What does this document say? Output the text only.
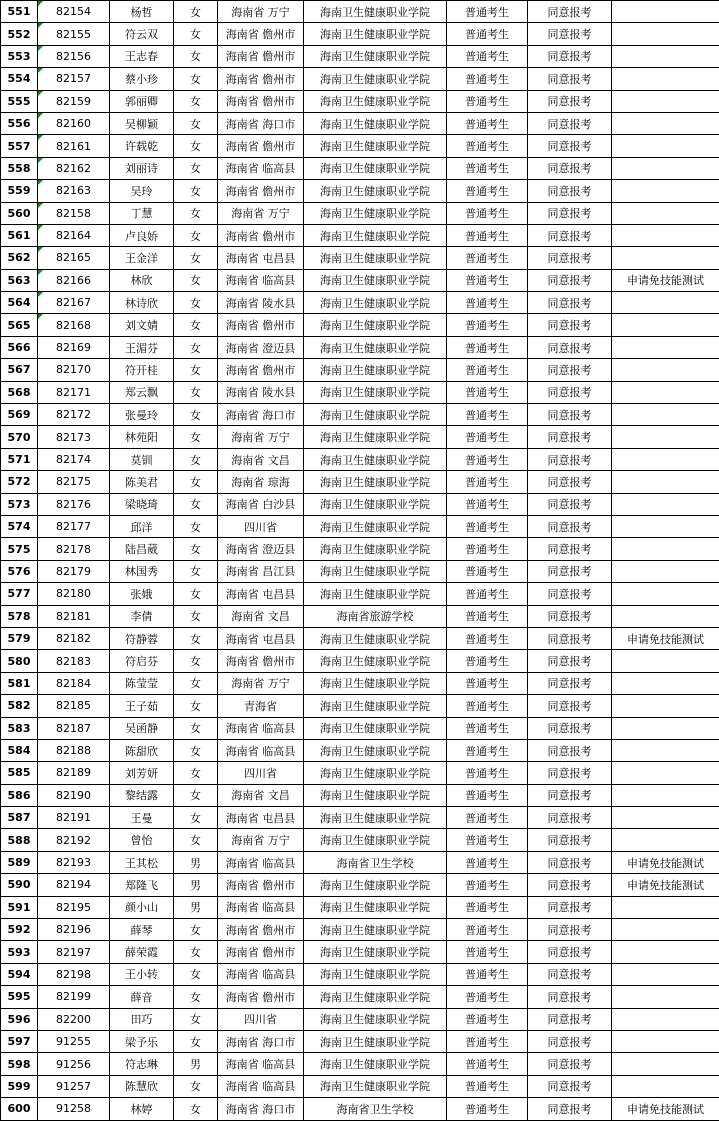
551	82154	杨哲	女	海南省 万宁	海南卫生健康职业学院	普通考生	同意报考	
552	82155	符云双	女	海南省 儋州市	海南卫生健康职业学院	普通考生	同意报考	
553	82156	王志春	女	海南省 儋州市	海南卫生健康职业学院	普通考生	同意报考	
554	82157	蔡小珍	女	海南省 儋州市	海南卫生健康职业学院	普通考生	同意报考	
555	82159	郭丽卿	女	海南省 儋州市	海南卫生健康职业学院	普通考生	同意报考	
556	82160	吴柳颖	女	海南省 海口市	海南卫生健康职业学院	普通考生	同意报考	
557	82161	许载乾	女	海南省 儋州市	海南卫生健康职业学院	普通考生	同意报考	
558	82162	刘丽诗	女	海南省 临高县	海南卫生健康职业学院	普通考生	同意报考	
559	82163	吴玲	女	海南省 儋州市	海南卫生健康职业学院	普通考生	同意报考	
560	82158	丁慧	女	海南省 万宁	海南卫生健康职业学院	普通考生	同意报考	
561	82164	卢良娇	女	海南省 儋州市	海南卫生健康职业学院	普通考生	同意报考	
562	82165	王金洋	女	海南省 屯昌县	海南卫生健康职业学院	普通考生	同意报考	
563	82166	林欣	女	海南省 临高县	海南卫生健康职业学院	普通考生	同意报考	申请免技能测试
564	82167	林诗欣	女	海南省 陵水县	海南卫生健康职业学院	普通考生	同意报考	
565	82168	刘文婧	女	海南省 儋州市	海南卫生健康职业学院	普通考生	同意报考	
566	82169	王湄芬	女	海南省 澄迈县	海南卫生健康职业学院	普通考生	同意报考	
567	82170	符开桂	女	海南省 儋州市	海南卫生健康职业学院	普通考生	同意报考	
568	82171	郑云飘	女	海南省 陵水县	海南卫生健康职业学院	普通考生	同意报考	
569	82172	张曼玲	女	海南省 海口市	海南卫生健康职业学院	普通考生	同意报考	
570	82173	林苑阳	女	海南省 万宁	海南卫生健康职业学院	普通考生	同意报考	
571	82174	莫钏	女	海南省 文昌	海南卫生健康职业学院	普通考生	同意报考	
572	82175	陈美君	女	海南省 琼海	海南卫生健康职业学院	普通考生	同意报考	
573	82176	梁晓琦	女	海南省 白沙县	海南卫生健康职业学院	普通考生	同意报考	
574	82177	邱洋	女	四川省	海南卫生健康职业学院	普通考生	同意报考	
575	82178	陆昌葳	女	海南省 澄迈县	海南卫生健康职业学院	普通考生	同意报考	
576	82179	林国秀	女	海南省 昌江县	海南卫生健康职业学院	普通考生	同意报考	
577	82180	张娥	女	海南省 屯昌县	海南卫生健康职业学院	普通考生	同意报考	
578	82181	李倩	女	海南省 文昌	海南省旅游学校	普通考生	同意报考	
579	82182	符静蓉	女	海南省 屯昌县	海南卫生健康职业学院	普通考生	同意报考	申请免技能测试
580	82183	符启芬	女	海南省 儋州市	海南卫生健康职业学院	普通考生	同意报考	
581	82184	陈莹莹	女	海南省 万宁	海南卫生健康职业学院	普通考生	同意报考	
582	82185	王子茹	女	青海省	海南卫生健康职业学院	普通考生	同意报考	
583	82187	吴函静	女	海南省 临高县	海南卫生健康职业学院	普通考生	同意报考	
584	82188	陈甜欣	女	海南省 临高县	海南卫生健康职业学院	普通考生	同意报考	
585	82189	刘芳妍	女	四川省	海南卫生健康职业学院	普通考生	同意报考	
586	82190	黎结露	女	海南省 文昌	海南卫生健康职业学院	普通考生	同意报考	
587	82191	王曼	女	海南省 屯昌县	海南卫生健康职业学院	普通考生	同意报考	
588	82192	曾怡	女	海南省 万宁	海南卫生健康职业学院	普通考生	同意报考	
589	82193	王其松	男	海南省 临高县	海南省卫生学校	普通考生	同意报考	申请免技能测试
590	82194	郑隆飞	男	海南省 儋州市	海南卫生健康职业学院	普通考生	同意报考	申请免技能测试
591	82195	颜小山	男	海南省 临高县	海南卫生健康职业学院	普通考生	同意报考	
592	82196	薛琴	女	海南省 儋州市	海南卫生健康职业学院	普通考生	同意报考	
593	82197	薛荣霞	女	海南省 儋州市	海南卫生健康职业学院	普通考生	同意报考	
594	82198	王小转	女	海南省 临高县	海南卫生健康职业学院	普通考生	同意报考	
595	82199	薛音	女	海南省 儋州市	海南卫生健康职业学院	普通考生	同意报考	
596	82200	田巧	女	四川省	海南卫生健康职业学院	普通考生	同意报考	
597	91255	梁予乐	女	海南省 海口市	海南卫生健康职业学院	普通考生	同意报考	
598	91256	符志琳	男	海南省 临高县	海南卫生健康职业学院	普通考生	同意报考	
599	91257	陈慧欣	女	海南省 临高县	海南卫生健康职业学院	普通考生	同意报考	
600	91258	林婷	女	海南省 海口市	海南省卫生学校	普通考生	同意报考	申请免技能测试
